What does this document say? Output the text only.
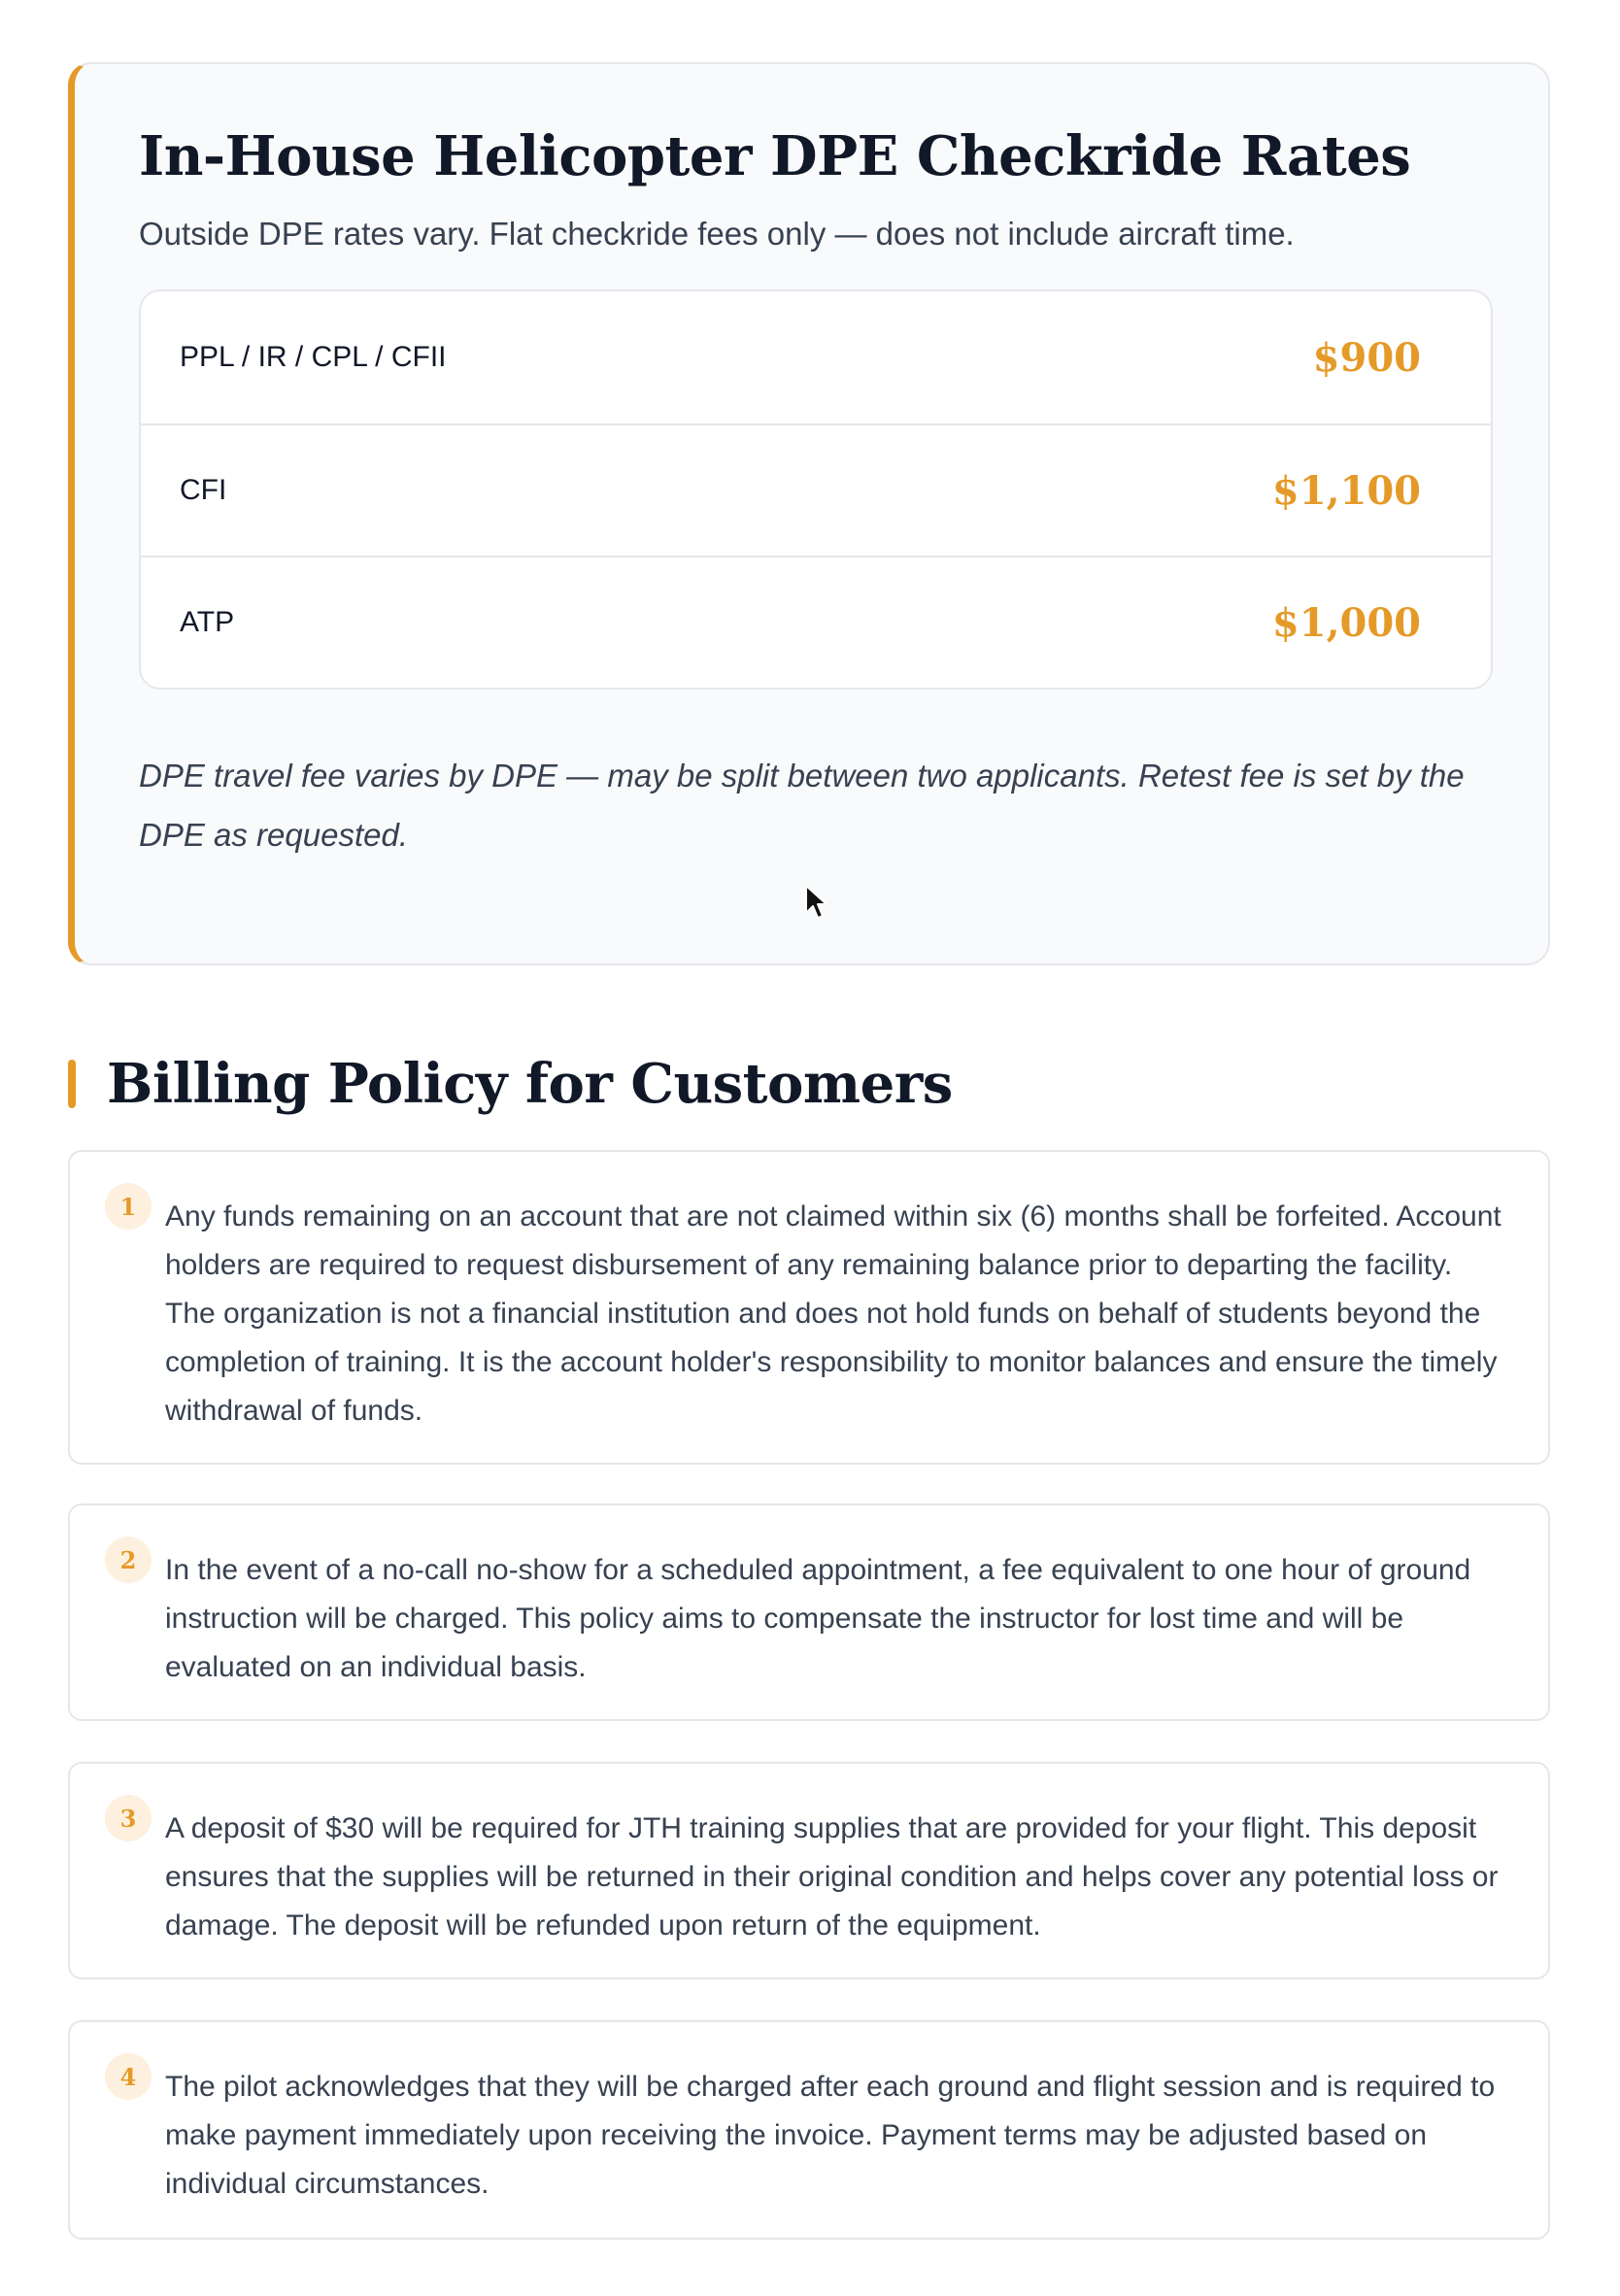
In-House Helicopter DPE Checkride Rates

Outside DPE rates vary. Flat checkride fees only — does not include aircraft time.

PPL / IR / CPL / CFII	$900
CFI	$1,100
ATP	$1,000

DPE travel fee varies by DPE — may be split between two applicants. Retest fee is set by the DPE as requested.

Billing Policy for Customers
1 Any funds remaining on an account that are not claimed within six (6) months shall be forfeited. Account holders are required to request disbursement of any remaining balance prior to departing the facility. The organization is not a financial institution and does not hold funds on behalf of students beyond the completion of training. It is the account holder's responsibility to monitor balances and ensure the timely withdrawal of funds.

2 In the event of a no-call no-show for a scheduled appointment, a fee equivalent to one hour of ground instruction will be charged. This policy aims to compensate the instructor for lost time and will be evaluated on an individual basis.

3 A deposit of $30 will be required for JTH training supplies that are provided for your flight. This deposit ensures that the supplies will be returned in their original condition and helps cover any potential loss or damage. The deposit will be refunded upon return of the equipment.

4 The pilot acknowledges that they will be charged after each ground and flight session and is required to make payment immediately upon receiving the invoice. Payment terms may be adjusted based on individual circumstances.
